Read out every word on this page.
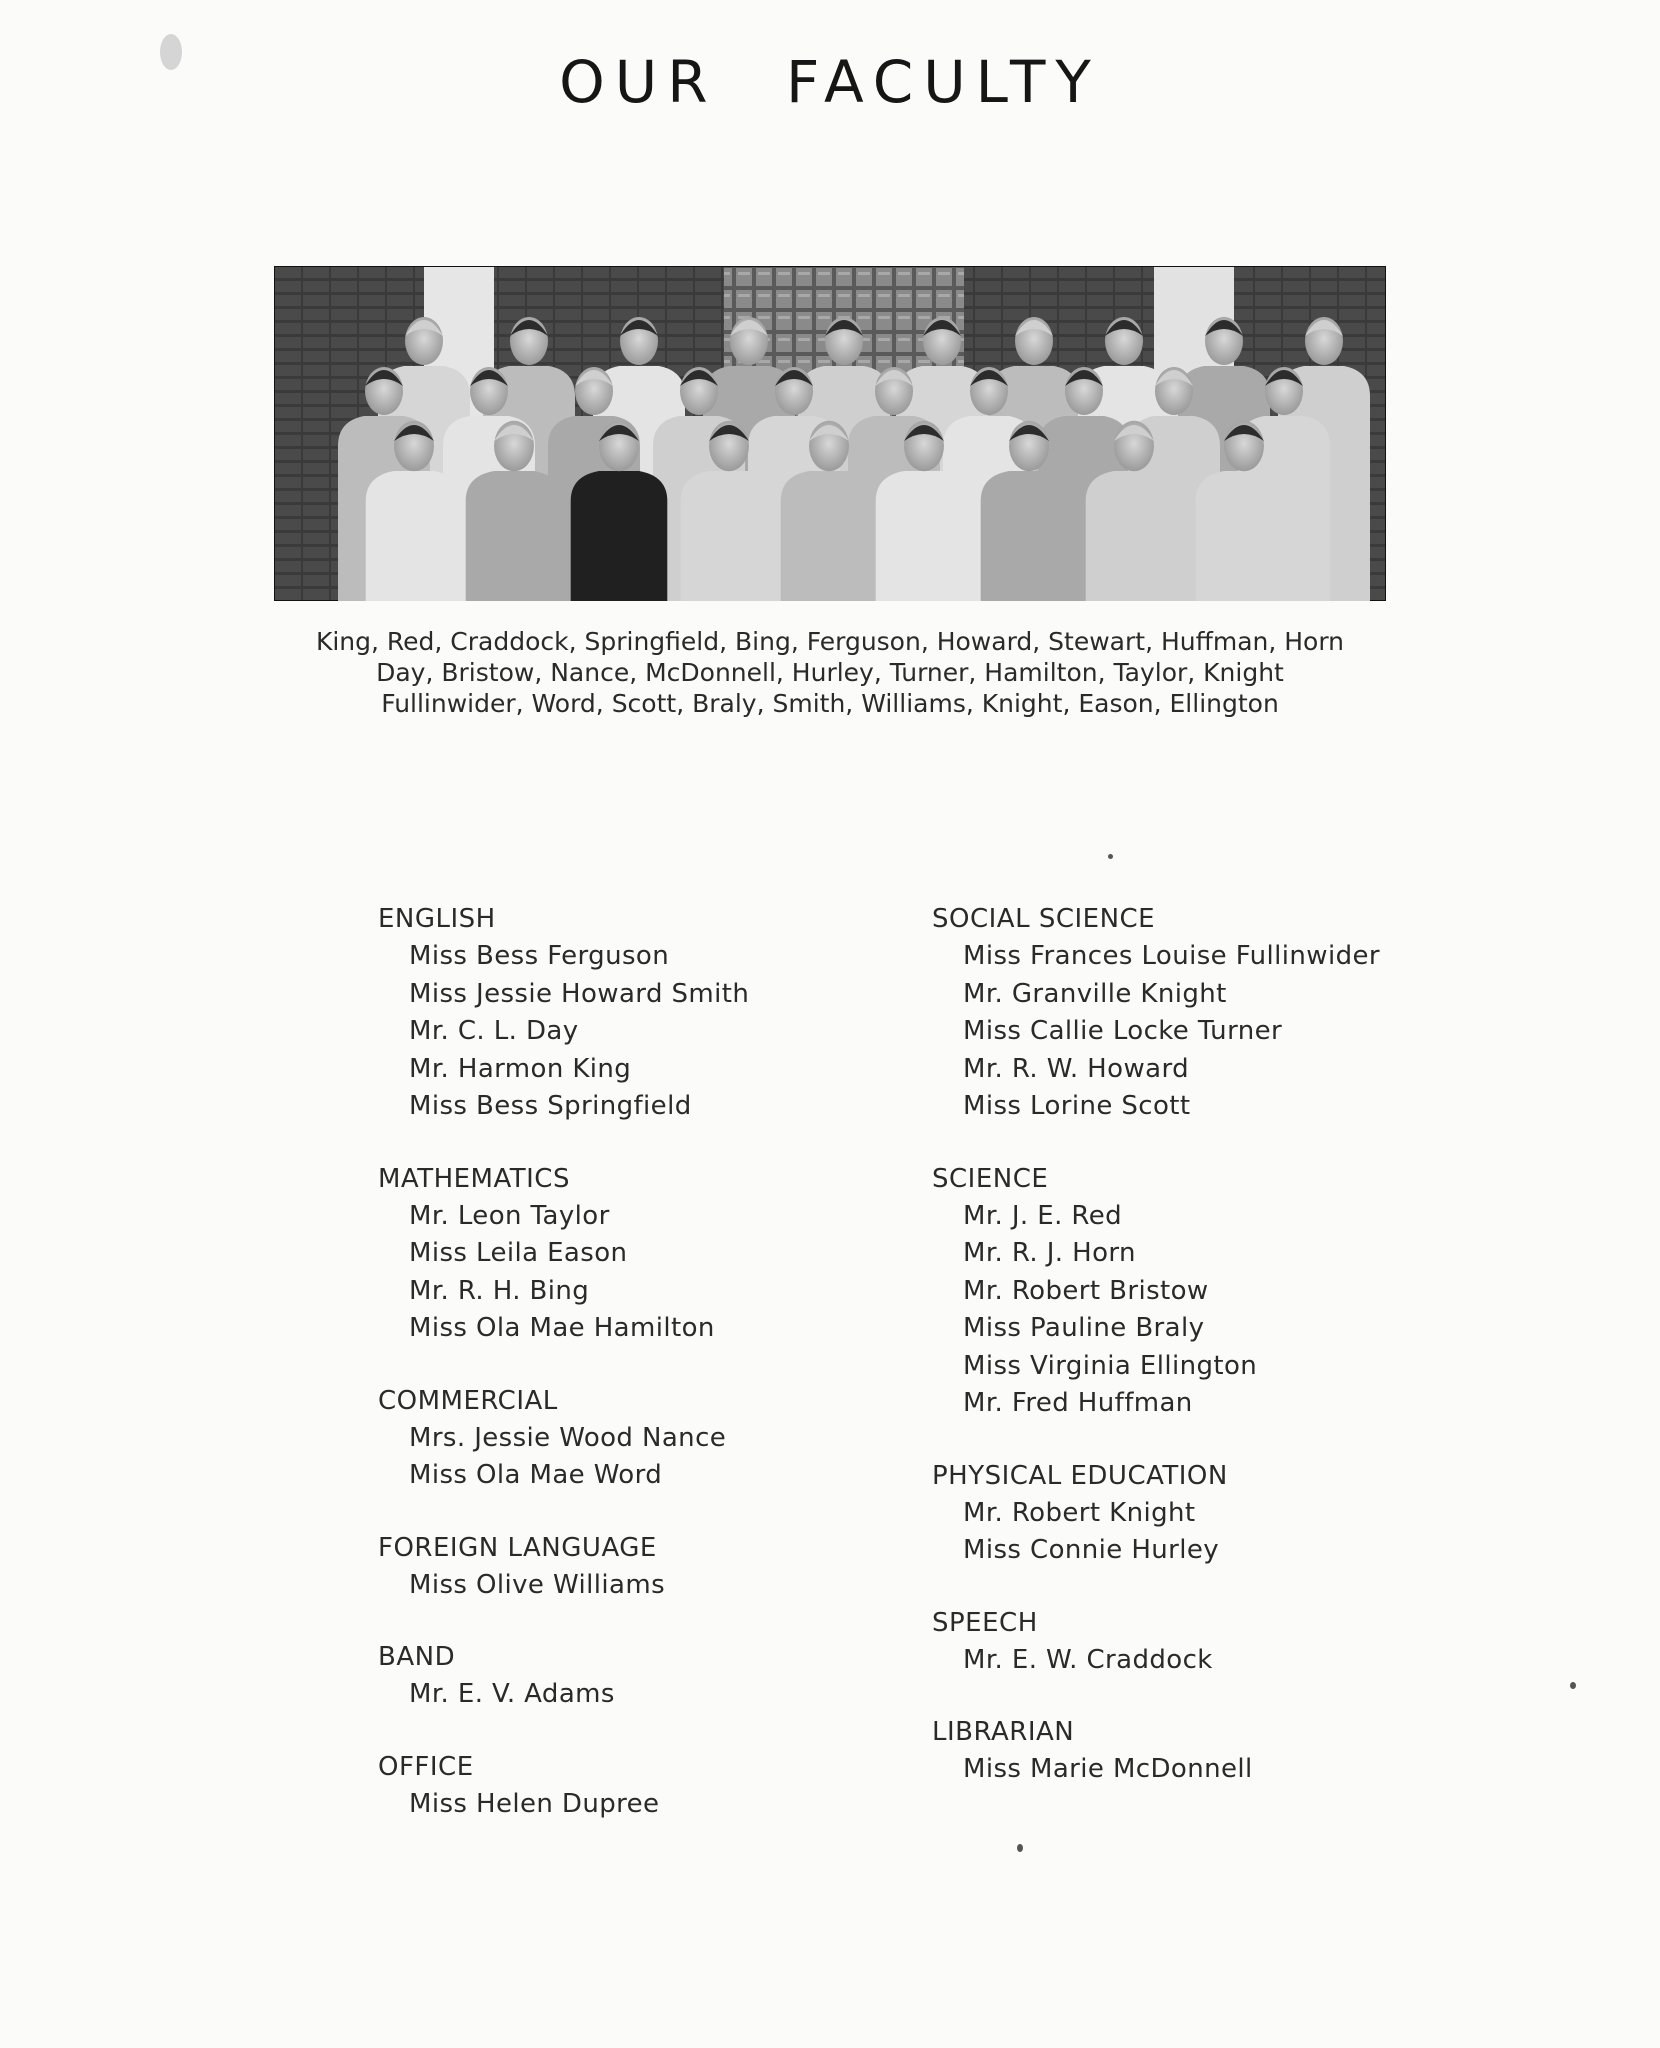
OUR FACULTY
King, Red, Craddock, Springfield, Bing, Ferguson, Howard, Stewart, Huffman, Horn
Day, Bristow, Nance, McDonnell, Hurley, Turner, Hamilton, Taylor, Knight
Fullinwider, Word, Scott, Braly, Smith, Williams, Knight, Eason, Ellington
ENGLISH
Miss Bess Ferguson
Miss Jessie Howard Smith
Mr. C. L. Day
Mr. Harmon King
Miss Bess Springfield
MATHEMATICS
Mr. Leon Taylor
Miss Leila Eason
Mr. R. H. Bing
Miss Ola Mae Hamilton
COMMERCIAL
Mrs. Jessie Wood Nance
Miss Ola Mae Word
FOREIGN LANGUAGE
Miss Olive Williams
BAND
Mr. E. V. Adams
OFFICE
Miss Helen Dupree
SOCIAL SCIENCE
Miss Frances Louise Fullinwider
Mr. Granville Knight
Miss Callie Locke Turner
Mr. R. W. Howard
Miss Lorine Scott
SCIENCE
Mr. J. E. Red
Mr. R. J. Horn
Mr. Robert Bristow
Miss Pauline Braly
Miss Virginia Ellington
Mr. Fred Huffman
PHYSICAL EDUCATION
Mr. Robert Knight
Miss Connie Hurley
SPEECH
Mr. E. W. Craddock
LIBRARIAN
Miss Marie McDonnell
